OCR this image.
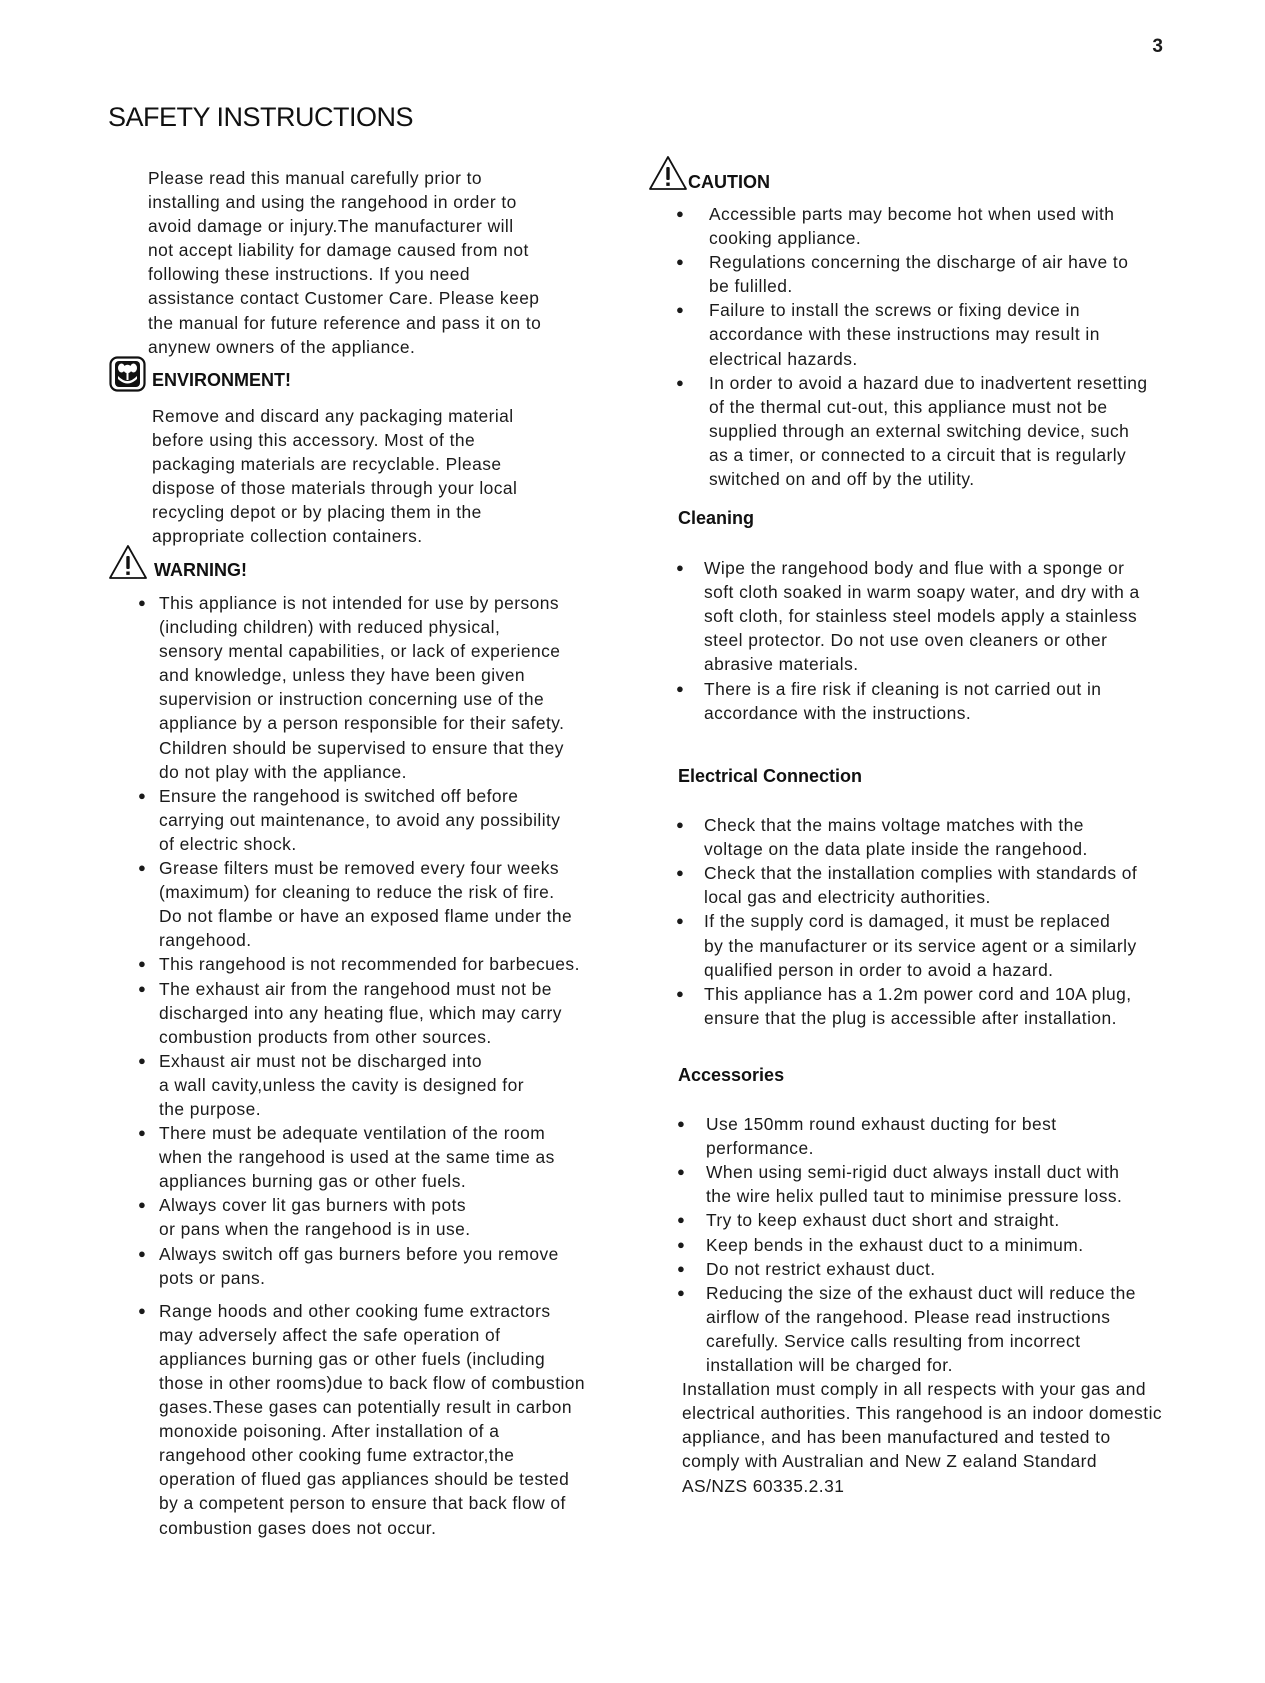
3
SAFETY INSTRUCTIONS
Please read this manual carefully prior to
installing and using the rangehood in order to
avoid damage or injury.The manufacturer will
not accept liability for damage caused from not
following these instructions. If you need
assistance contact Customer Care. Please keep
the manual for future reference and pass it on to
anynew owners of the appliance.
ENVIRONMENT!
Remove and discard any packaging material
before using this accessory. Most of the
packaging materials are recyclable. Please
dispose of those materials through your local
recycling depot or by placing them in the
appropriate collection containers.
WARNING!
● This appliance is not intended for use by persons
(including children) with reduced physical,
sensory mental capabilities, or lack of experience
and knowledge, unless they have been given
supervision or instruction concerning use of the
appliance by a person responsible for their safety.
Children should be supervised to ensure that they
do not play with the appliance.
● Ensure the rangehood is switched off before
carrying out maintenance, to avoid any possibility
of electric shock.
● Grease filters must be removed every four weeks
(maximum) for cleaning to reduce the risk of fire.
Do not flambe or have an exposed flame under the
rangehood.
● This rangehood is not recommended for barbecues.
● The exhaust air from the rangehood must not be
discharged into any heating flue, which may carry
combustion products from other sources.
● Exhaust air must not be discharged into
a wall cavity,unless the cavity is designed for
the purpose.
● There must be adequate ventilation of the room
when the rangehood is used at the same time as
appliances burning gas or other fuels.
● Always cover lit gas burners with pots
or pans when the rangehood is in use.
● Always switch off gas burners before you remove
pots or pans.
● Range hoods and other cooking fume extractors
may adversely affect the safe operation of
appliances burning gas or other fuels (including
those in other rooms)due to back flow of combustion
gases.These gases can potentially result in carbon
monoxide poisoning. After installation of a
rangehood other cooking fume extractor,the
operation of flued gas appliances should be tested
by a competent person to ensure that back flow of
combustion gases does not occur.
CAUTION
● Accessible parts may become hot when used with
cooking appliance.
● Regulations concerning the discharge of air have to
be fulilled.
● Failure to install the screws or fixing device in
accordance with these instructions may result in
electrical hazards.
● In order to avoid a hazard due to inadvertent resetting
of the thermal cut-out, this appliance must not be
supplied through an external switching device, such
as a timer, or connected to a circuit that is regularly
switched on and off by the utility.
Cleaning
● Wipe the rangehood body and flue with a sponge or
soft cloth soaked in warm soapy water, and dry with a
soft cloth, for stainless steel models apply a stainless
steel protector. Do not use oven cleaners or other
abrasive materials.
● There is a fire risk if cleaning is not carried out in
accordance with the instructions.
Electrical Connection
● Check that the mains voltage matches with the
voltage on the data plate inside the rangehood.
● Check that the installation complies with standards of
local gas and electricity authorities.
● If the supply cord is damaged, it must be replaced
by the manufacturer or its service agent or a similarly
qualified person in order to avoid a hazard.
● This appliance has a 1.2m power cord and 10A plug,
ensure that the plug is accessible after installation.
Accessories
● Use 150mm round exhaust ducting for best
performance.
● When using semi-rigid duct always install duct with
the wire helix pulled taut to minimise pressure loss.
● Try to keep exhaust duct short and straight.
● Keep bends in the exhaust duct to a minimum.
● Do not restrict exhaust duct.
● Reducing the size of the exhaust duct will reduce the
airflow of the rangehood. Please read instructions
carefully. Service calls resulting from incorrect
installation will be charged for.
Installation must comply in all respects with your gas and
electrical authorities. This rangehood is an indoor domestic
appliance, and has been manufactured and tested to
comply with Australian and New Z ealand Standard
AS/NZS 60335.2.31
